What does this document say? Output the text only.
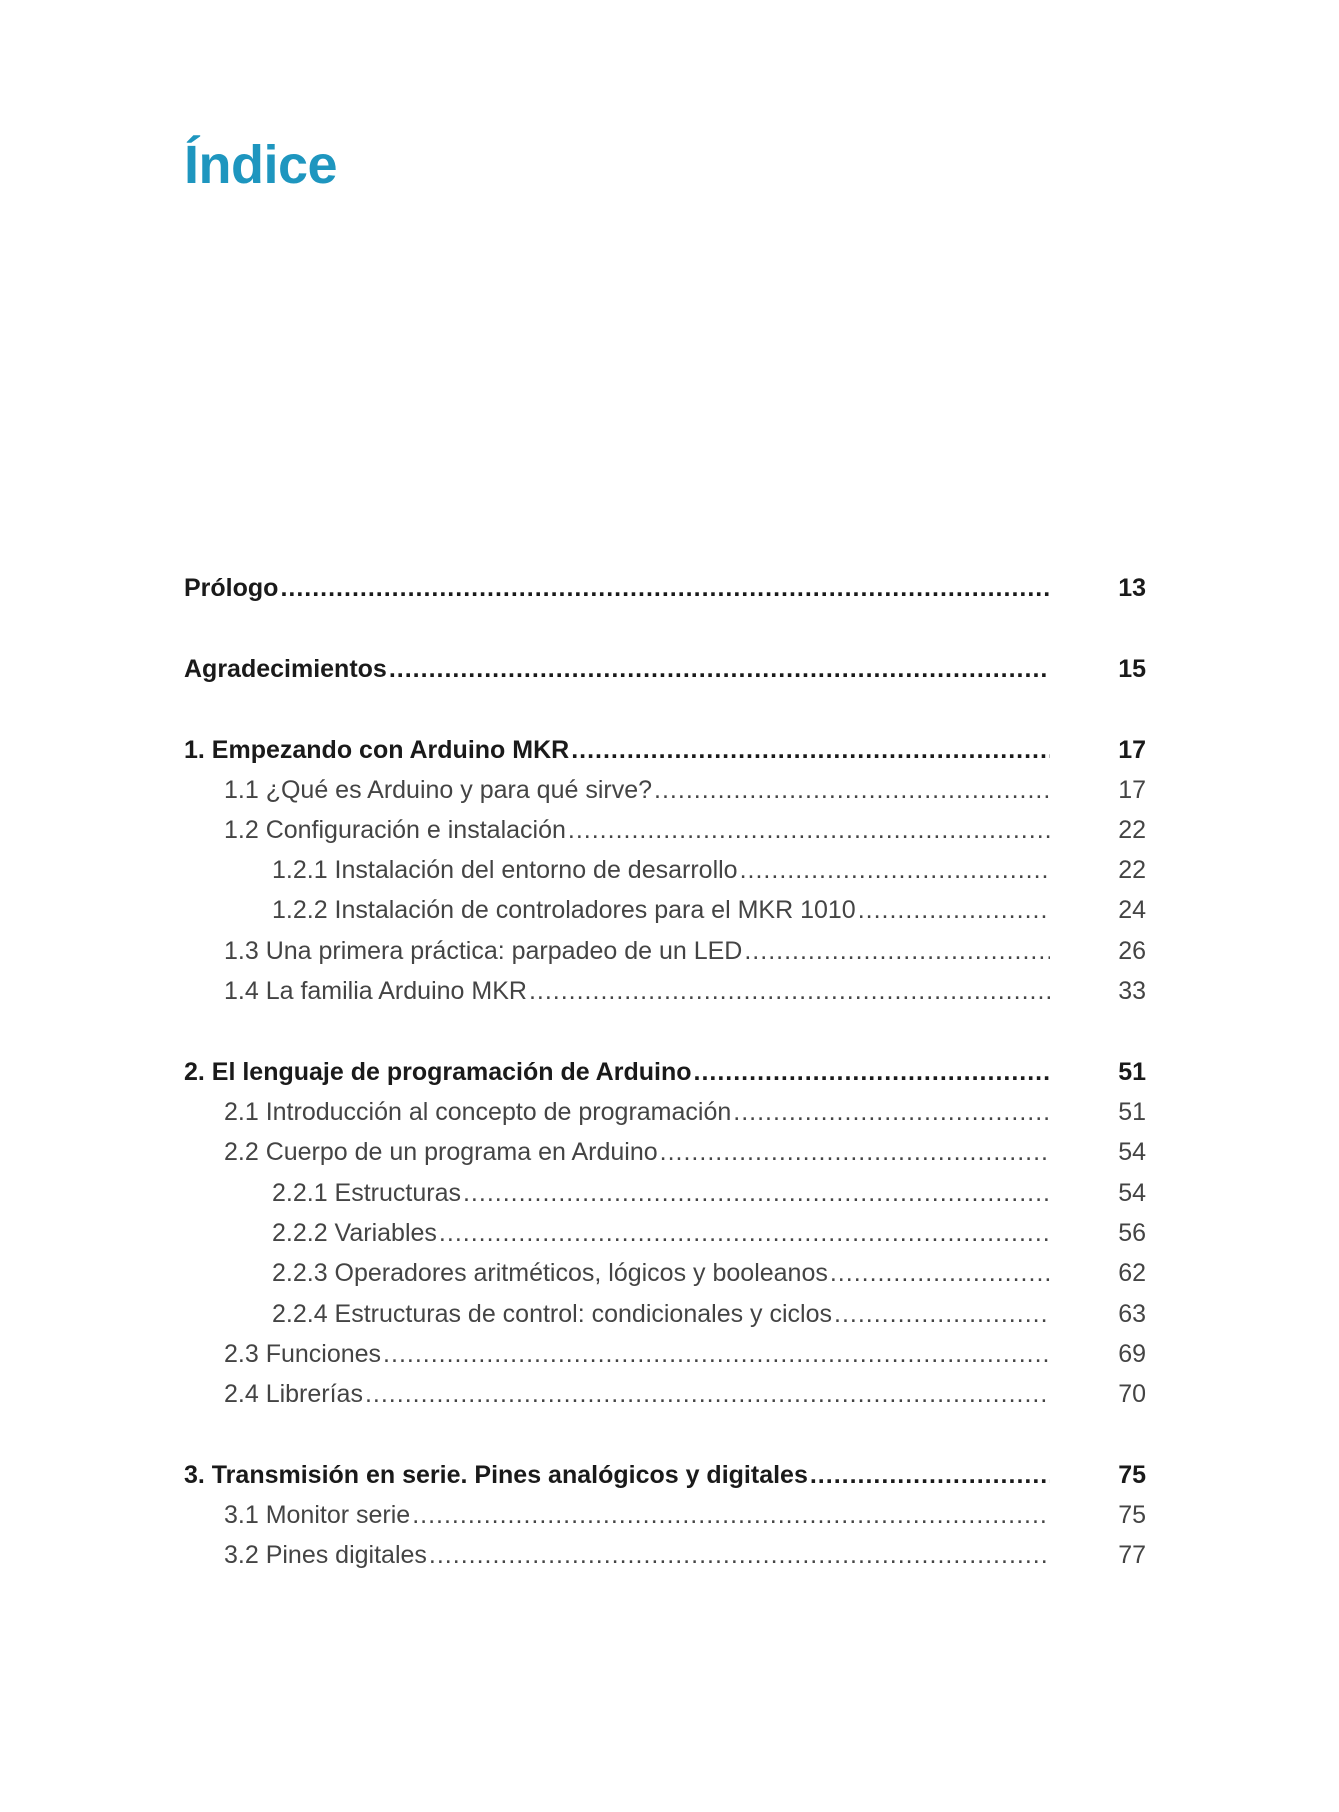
Índice
Prólogo .....	13
Agradecimientos .....	15
1. Empezando con Arduino MKR .....	17
1.1 ¿Qué es Arduino y para qué sirve? .....	17
1.2 Configuración e instalación .....	22
1.2.1 Instalación del entorno de desarrollo .....	22
1.2.2 Instalación de controladores para el MKR 1010 .....	24
1.3 Una primera práctica: parpadeo de un LED .....	26
1.4 La familia Arduino MKR .....	33
2. El lenguaje de programación de Arduino .....	51
2.1 Introducción al concepto de programación .....	51
2.2 Cuerpo de un programa en Arduino .....	54
2.2.1 Estructuras .....	54
2.2.2 Variables .....	56
2.2.3 Operadores aritméticos, lógicos y booleanos .....	62
2.2.4 Estructuras de control: condicionales y ciclos .....	63
2.3 Funciones .....	69
2.4 Librerías .....	70
3. Transmisión en serie. Pines analógicos y digitales .....	75
3.1 Monitor serie .....	75
3.2 Pines digitales .....	77
